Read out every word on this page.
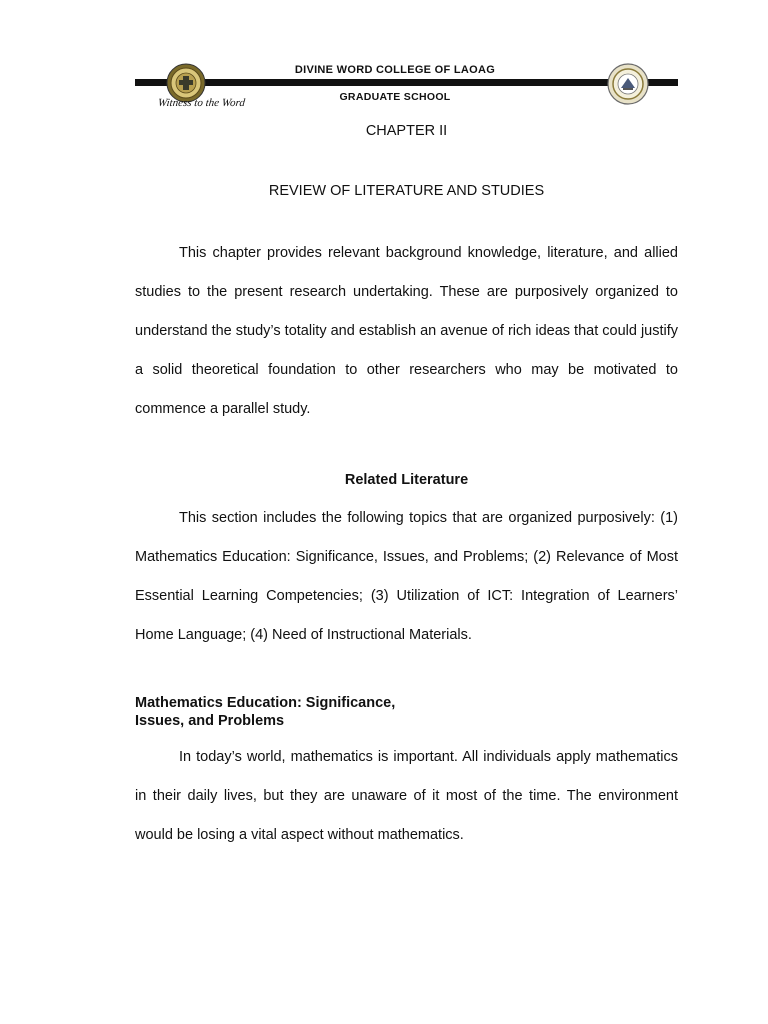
Witness to the Word
DIVINE WORD COLLEGE OF LAOAG
GRADUATE SCHOOL
CHAPTER II
REVIEW OF LITERATURE AND STUDIES

This chapter provides relevant background knowledge, literature, and allied studies to the present research undertaking. These are purposively organized to understand the study’s totality and establish an avenue of rich ideas that could justify a solid theoretical foundation to other researchers who may be motivated to commence a parallel study.

Related Literature

This section includes the following topics that are organized purposively: (1) Mathematics Education: Significance, Issues, and Problems; (2) Relevance of Most Essential Learning Competencies; (3) Utilization of ICT: Integration of Learners’ Home Language; (4) Need of Instructional Materials.

Mathematics Education: Significance,
Issues, and Problems

In today’s world, mathematics is important. All individuals apply mathematics in their daily lives, but they are unaware of it most of the time. The environment would be losing a vital aspect without mathematics.
